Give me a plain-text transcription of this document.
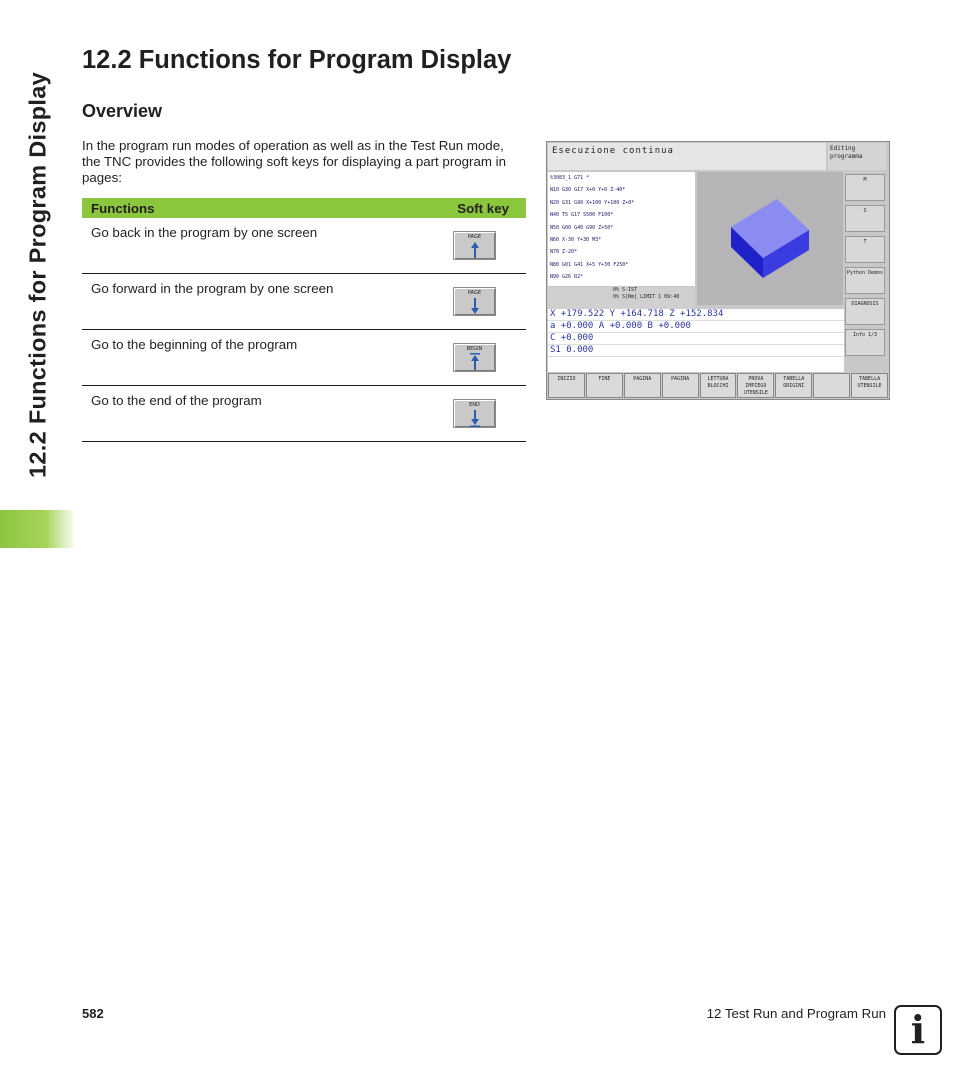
12.2 Functions for Program Display
12.2 Functions for Program Display
Overview

In the program run modes of operation as well as in the Test Run mode, the TNC provides the following soft keys for displaying a part program in pages:

Functions	Soft key
Go back in the program by one screen	PAGE

Go forward in the program by one screen	PAGE

Go to the beginning of the program	BEGIN

Go to the end of the program	END
Esecuzione continua	Editing programma
%3083_1 G71 *
N10 G30 G17 X+0 Y+0 Z-40*
N20 G31 G90 X+100 Y+100 Z+0*
N40 T5 G17 S500 F100*
N50 G00 G40 G90 Z+50*
N60 X-30 Y+30 M3*
N70 Z-20*
N80 G01 G41 X+5 Y+30 F250*
N90 G26 R2*
M
S
T
Python Demos
DIAGNOSIS
Info 1/3
0% S-IST
0% S[Nm] LIMIT 1 09:48
X +179.522 Y +164.718 Z +152.834
a +0.000 A +0.000 B +0.000
C +0.000
S1 0.000
INIZIO	FINE	PAGINA	PAGINA	LETTURA BLOCCHI
PROVA IMPIEGO UTENSILE
TABELLA ORIGINI
TABELLA UTENSILE
582	12 Test Run and Program Run i
